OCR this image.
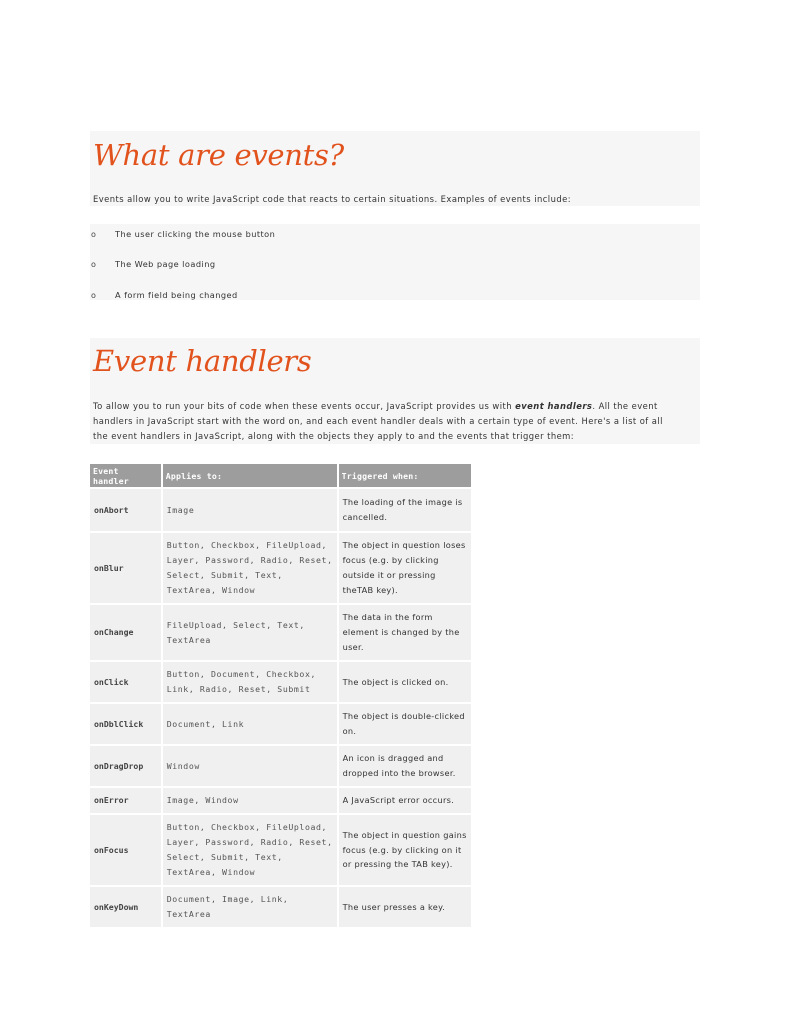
What are events?

Events allow you to write JavaScript code that reacts to certain situations. Examples of events include:

o	The user clicking the mouse button
o	The Web page loading
o	A form field being changed
Event handlers

To allow you to run your bits of code when these events occur, JavaScript provides us with event handlers. All the event handlers in JavaScript start with the word on, and each event handler deals with a certain type of event. Here's a list of all the event handlers in JavaScript, along with the objects they apply to and the events that trigger them:

Event handler	Applies to:	Triggered when:
onAbort	Image	The loading of the image is cancelled.
onBlur	Button, Checkbox, FileUpload, Layer, Password, Radio, Reset, Select, Submit, Text, TextArea, Window	The object in question loses focus (e.g. by clicking outside it or pressing theTAB key).
onChange	FileUpload, Select, Text, TextArea	The data in the form element is changed by the user.
onClick	Button, Document, Checkbox, Link, Radio, Reset, Submit	The object is clicked on.
onDblClick	Document, Link	The object is double-clicked on.
onDragDrop	Window	An icon is dragged and dropped into the browser.
onError	Image, Window	A JavaScript error occurs.
onFocus	Button, Checkbox, FileUpload, Layer, Password, Radio, Reset, Select, Submit, Text, TextArea, Window	The object in question gains focus (e.g. by clicking on it or pressing the TAB key).
onKeyDown	Document, Image, Link, TextArea	The user presses a key.
